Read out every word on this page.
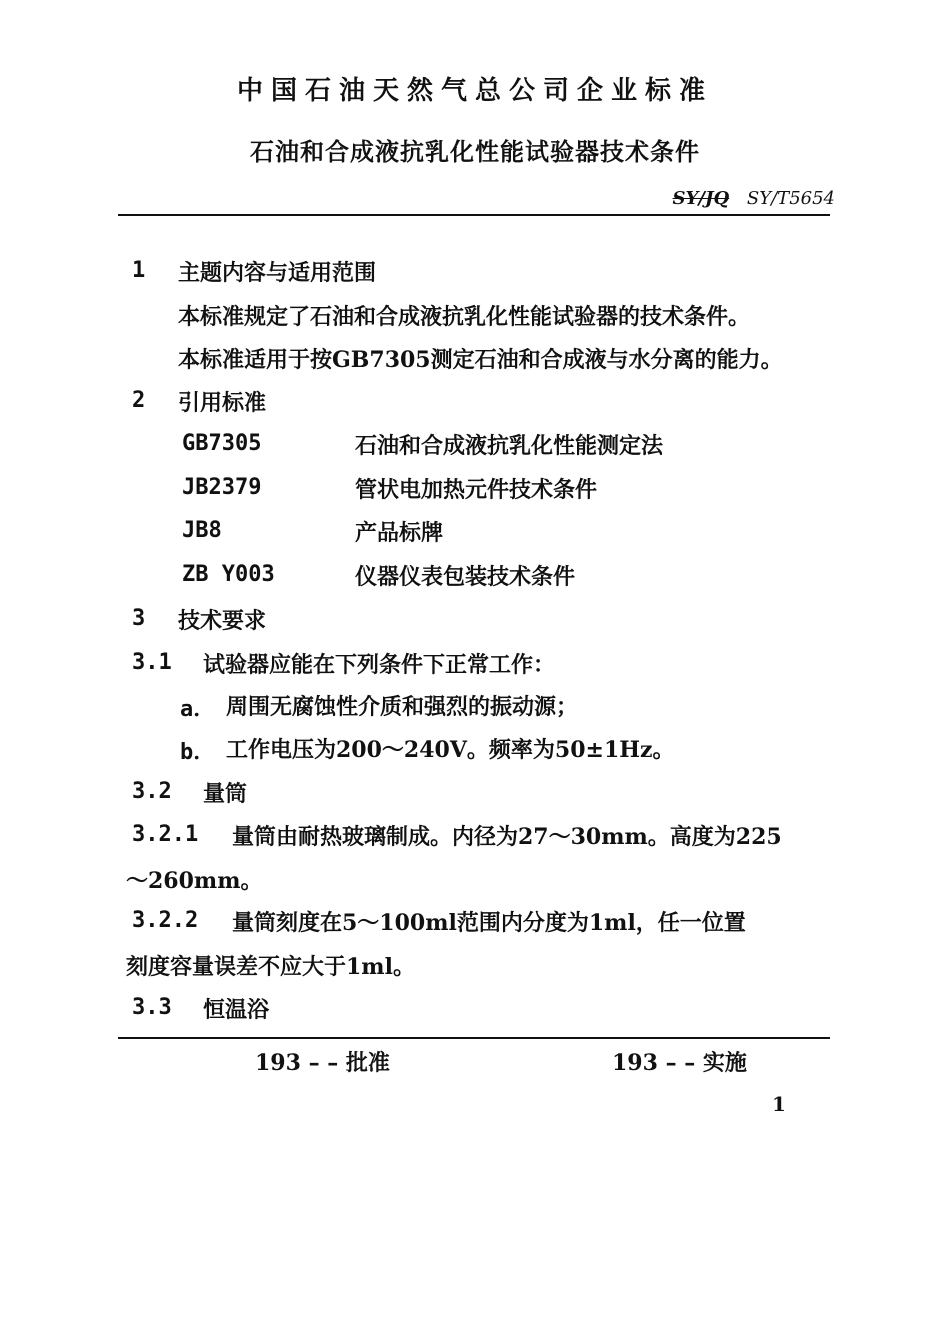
中国石油天然气总公司企业标准
石油和合成液抗乳化性能试验器技术条件
SY/JQ SY/T5654
1 主题内容与适用范围
本标准规定了石油和合成液抗乳化性能试验器的技术条件。
本标准适用于按GB7305测定石油和合成液与水分离的能力。
2 引用标准
GB7305	石油和合成液抗乳化性能测定法
JB2379	管状电加热元件技术条件
JB8	产品标牌
ZB Y003	仪器仪表包装技术条件
3 技术要求
3.1 试验器应能在下列条件下正常工作：
a． 周围无腐蚀性介质和强烈的振动源；
b． 工作电压为200～240V。频率为50±1Hz。
3.2 量筒
3.2.1 量筒由耐热玻璃制成。内径为27～30mm。高度为225
～260mm。
3.2.2 量筒刻度在5～100ml范围内分度为1ml，任一位置
刻度容量误差不应大于1ml。
3.3 恒温浴
193 – – 批准	193 – – 实施
1
